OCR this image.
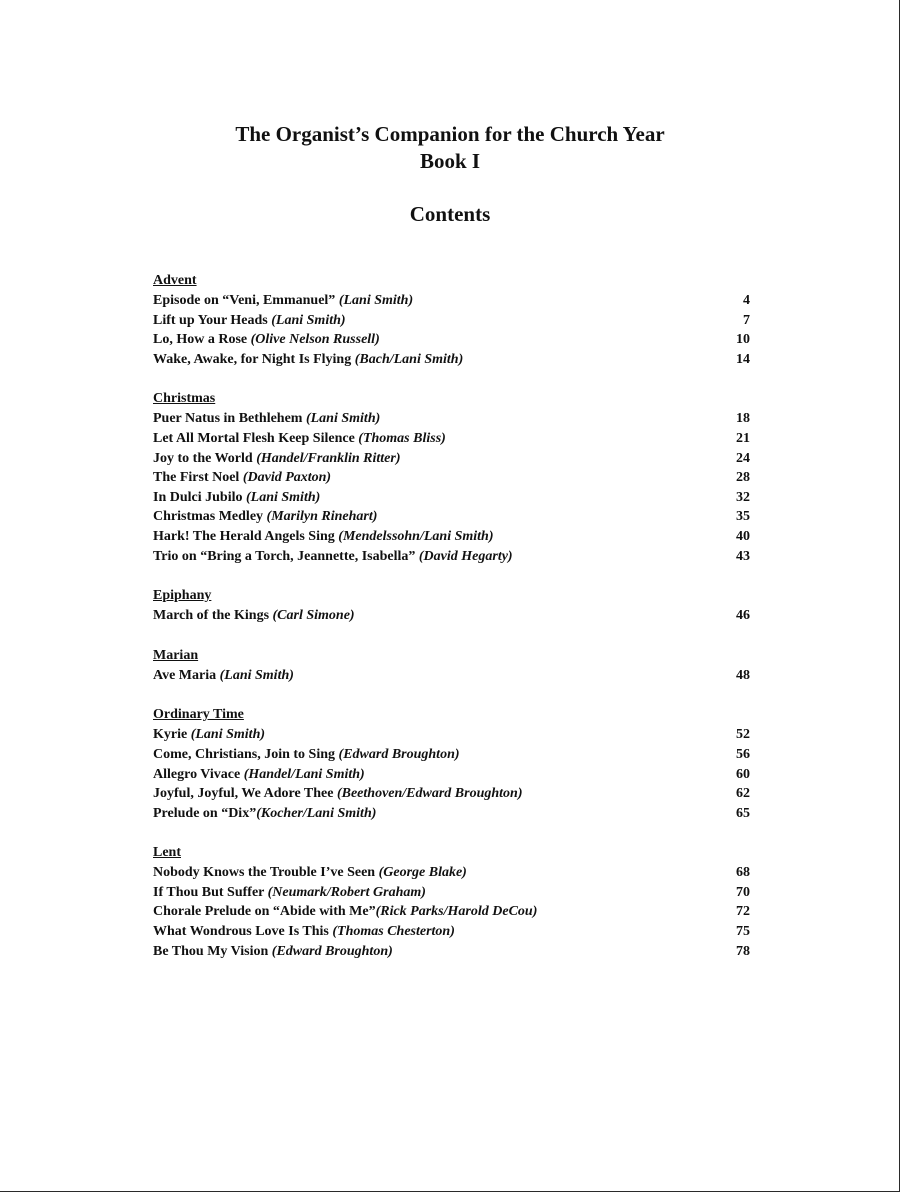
The Organist’s Companion for the Church Year
Book I
Contents
Advent
Episode on “Veni, Emmanuel” (Lani Smith)	4
Lift up Your Heads (Lani Smith)	7
Lo, How a Rose (Olive Nelson Russell)	10
Wake, Awake, for Night Is Flying (Bach/Lani Smith)	14
Christmas
Puer Natus in Bethlehem (Lani Smith)	18
Let All Mortal Flesh Keep Silence (Thomas Bliss)	21
Joy to the World (Handel/Franklin Ritter)	24
The First Noel (David Paxton)	28
In Dulci Jubilo (Lani Smith)	32
Christmas Medley (Marilyn Rinehart)	35
Hark! The Herald Angels Sing (Mendelssohn/Lani Smith)	40
Trio on “Bring a Torch, Jeannette, Isabella” (David Hegarty)	43
Epiphany
March of the Kings (Carl Simone)	46
Marian
Ave Maria (Lani Smith)	48
Ordinary Time
Kyrie (Lani Smith)	52
Come, Christians, Join to Sing (Edward Broughton)	56
Allegro Vivace (Handel/Lani Smith)	60
Joyful, Joyful, We Adore Thee (Beethoven/Edward Broughton)	62
Prelude on “Dix”(Kocher/Lani Smith)	65
Lent
Nobody Knows the Trouble I’ve Seen (George Blake)	68
If Thou But Suffer (Neumark/Robert Graham)	70
Chorale Prelude on “Abide with Me”(Rick Parks/Harold DeCou)	72
What Wondrous Love Is This (Thomas Chesterton)	75
Be Thou My Vision (Edward Broughton)	78
